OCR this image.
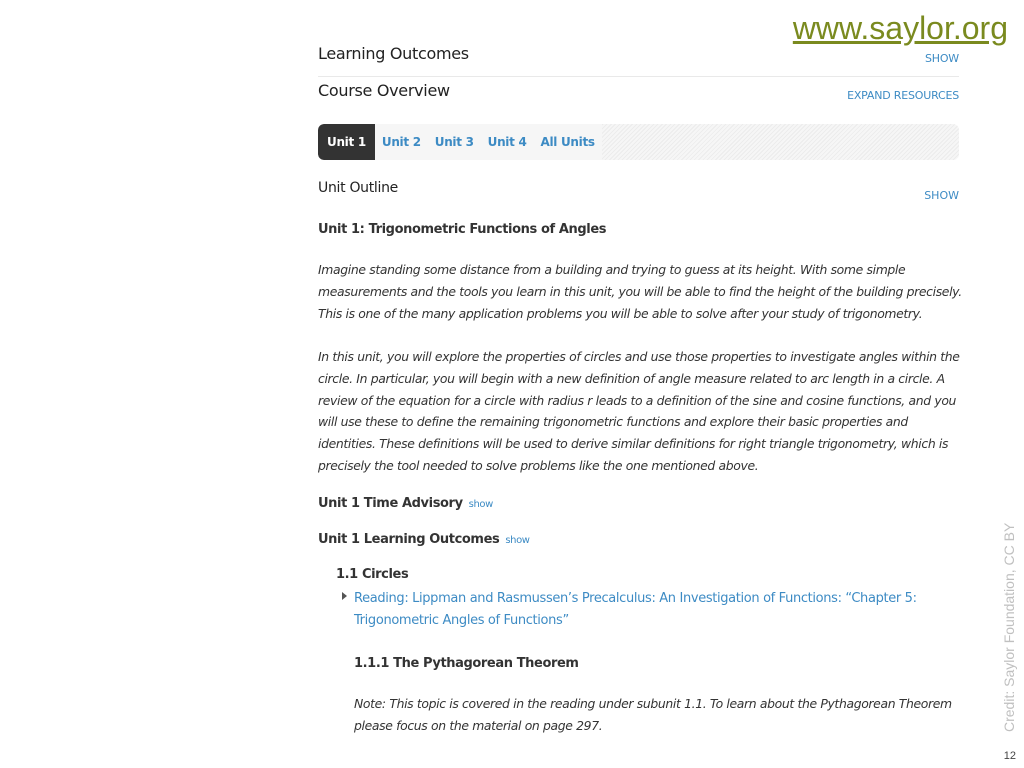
www.saylor.org
Learning Outcomes	SHOW
Course Overview	EXPAND RESOURCES
Unit 1	Unit 2	Unit 3	Unit 4	All Units
Unit Outline	SHOW
Unit 1: Trigonometric Functions of Angles

Imagine standing some distance from a building and trying to guess at its height. With some simple measurements and the tools you learn in this unit, you will be able to find the height of the building precisely. This is one of the many application problems you will be able to solve after your study of trigonometry.

In this unit, you will explore the properties of circles and use those properties to investigate angles within the circle. In particular, you will begin with a new definition of angle measure related to arc length in a circle. A review of the equation for a circle with radius r leads to a definition of the sine and cosine functions, and you will use these to define the remaining trigonometric functions and explore their basic properties and identities. These definitions will be used to derive similar definitions for right triangle trigonometry, which is precisely the tool needed to solve problems like the one mentioned above.

Unit 1 Time Advisory show
Unit 1 Learning Outcomes show
1.1 Circles
Reading: Lippman and Rasmussen’s Precalculus: An Investigation of Functions: “Chapter 5: Trigonometric Angles of Functions”
1.1.1 The Pythagorean Theorem

Note: This topic is covered in the reading under subunit 1.1. To learn about the Pythagorean Theorem please focus on the material on page 297.	Credit: Saylor Foundation, CC BY
12
